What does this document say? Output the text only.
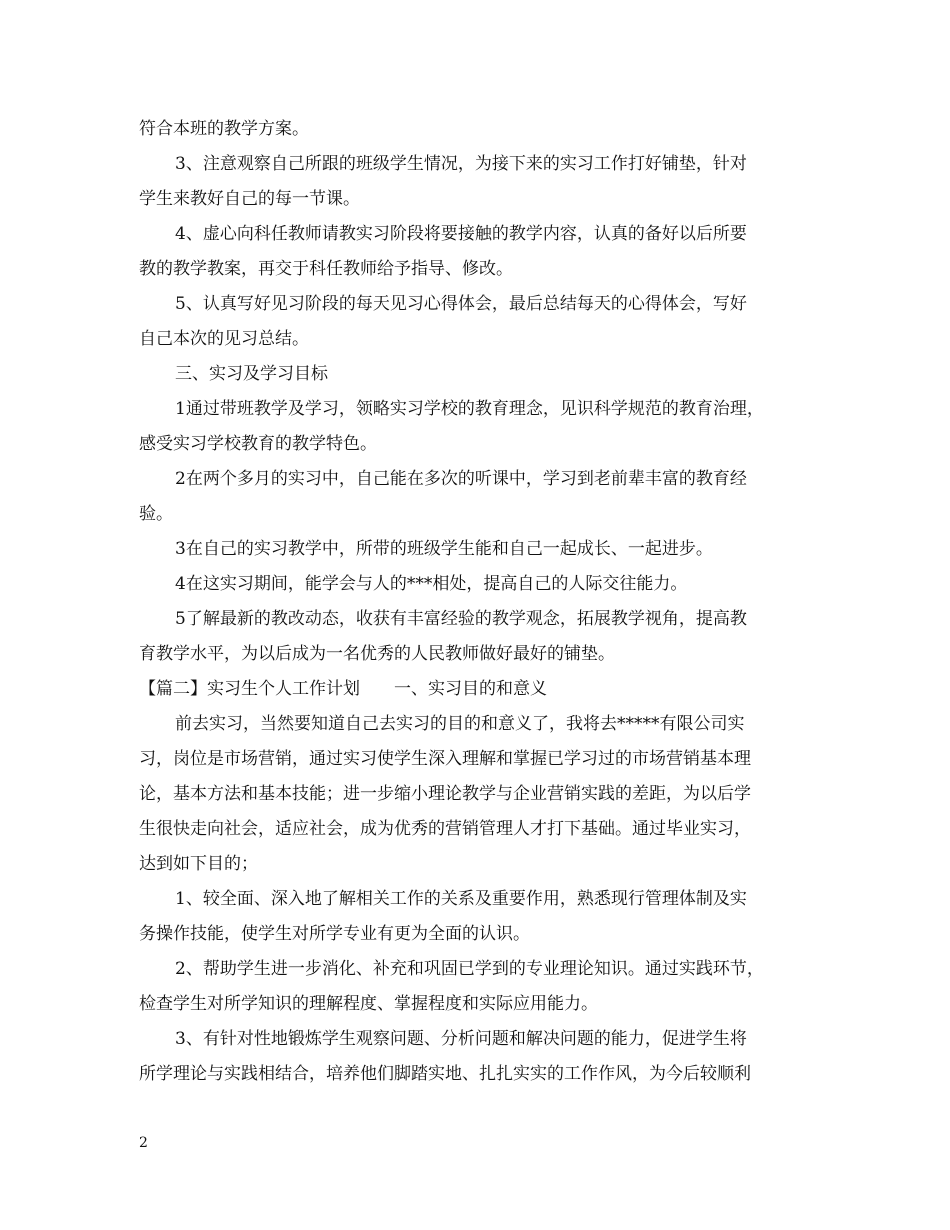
符合本班的教学方案。
3、注意观察自己所跟的班级学生情况，为接下来的实习工作打好铺垫，针对
学生来教好自己的每一节课。
4、虚心向科任教师请教实习阶段将要接触的教学内容，认真的备好以后所要
教的教学教案，再交于科任教师给予指导、修改。
5、认真写好见习阶段的每天见习心得体会，最后总结每天的心得体会，写好
自己本次的见习总结。
三、实习及学习目标
1通过带班教学及学习，领略实习学校的教育理念，见识科学规范的教育治理，
感受实习学校教育的教学特色。
2在两个多月的实习中，自己能在多次的听课中，学习到老前辈丰富的教育经
验。
3在自己的实习教学中，所带的班级学生能和自己一起成长、一起进步。
4在这实习期间，能学会与人的***相处，提高自己的人际交往能力。
5了解最新的教改动态，收获有丰富经验的教学观念，拓展教学视角，提高教
育教学水平，为以后成为一名优秀的人民教师做好最好的铺垫。
【篇二】实习生个人工作计划　　一、实习目的和意义
前去实习，当然要知道自己去实习的目的和意义了，我将去*****有限公司实
习，岗位是市场营销，通过实习使学生深入理解和掌握已学习过的市场营销基本理
论，基本方法和基本技能；进一步缩小理论教学与企业营销实践的差距，为以后学
生很快走向社会，适应社会，成为优秀的营销管理人才打下基础。通过毕业实习，
达到如下目的；
1、较全面、深入地了解相关工作的关系及重要作用，熟悉现行管理体制及实
务操作技能，使学生对所学专业有更为全面的认识。
2、帮助学生进一步消化、补充和巩固已学到的专业理论知识。通过实践环节，
检查学生对所学知识的理解程度、掌握程度和实际应用能力。
3、有针对性地锻炼学生观察问题、分析问题和解决问题的能力，促进学生将
所学理论与实践相结合，培养他们脚踏实地、扎扎实实的工作作风，为今后较顺利
2
